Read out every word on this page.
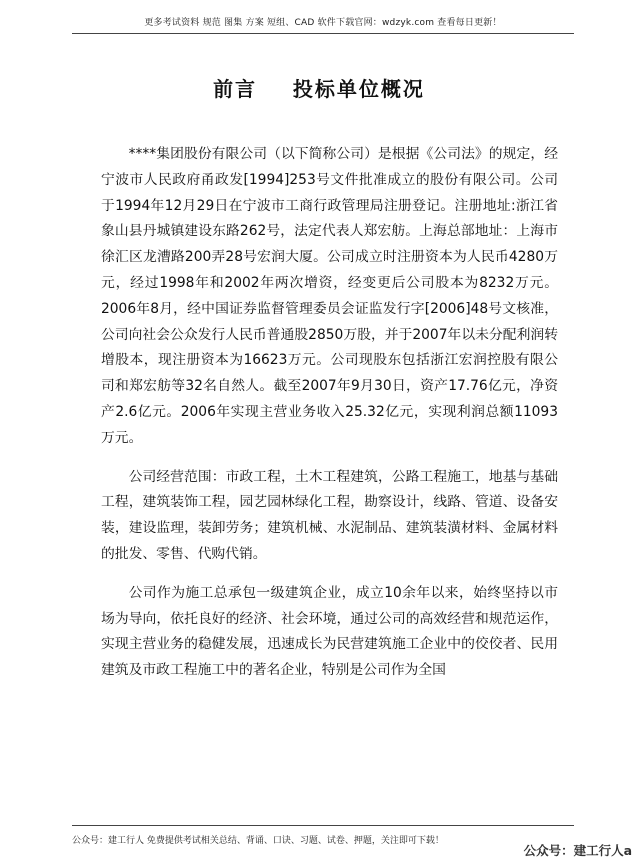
更多考试资料 规范 图集 方案 短组、CAD 软件下载官网：wdzyk.com 查看每日更新！
前言    投标单位概况

****集团股份有限公司（以下简称公司）是根据《公司法》的规定，经宁波市人民政府甬政发[1994]253号文件批准成立的股份有限公司。公司于1994年12月29日在宁波市工商行政管理局注册登记。注册地址:浙江省象山县丹城镇建设东路262号，法定代表人郑宏舫。上海总部地址：上海市徐汇区龙漕路200弄28号宏润大厦。公司成立时注册资本为人民币4280万元，经过1998年和2002年两次增资，经变更后公司股本为8232万元。2006年8月，经中国证券监督管理委员会证监发行字[2006]48号文核准，公司向社会公众发行人民币普通股2850万股，并于2007年以未分配利润转增股本，现注册资本为16623万元。公司现股东包括浙江宏润控股有限公司和郑宏舫等32名自然人。截至2007年9月30日，资产17.76亿元，净资产2.6亿元。2006年实现主营业务收入25.32亿元，实现利润总额11093万元。

公司经营范围：市政工程，土木工程建筑，公路工程施工，地基与基础工程，建筑装饰工程，园艺园林绿化工程，勘察设计，线路、管道、设备安装，建设监理，装卸劳务；建筑机械、水泥制品、建筑装潢材料、金属材料的批发、零售、代购代销。

公司作为施工总承包一级建筑企业，成立10余年以来，始终坚持以市场为导向，依托良好的经济、社会环境，通过公司的高效经营和规范运作，实现主营业务的稳健发展，迅速成长为民营建筑施工企业中的佼佼者、民用建筑及市政工程施工中的著名企业，特别是公司作为全国

公众号：建工行人 免费提供考试相关总结、背诵、口诀、习题、试卷、押题，关注即可下载！
公众号：建工行人a
